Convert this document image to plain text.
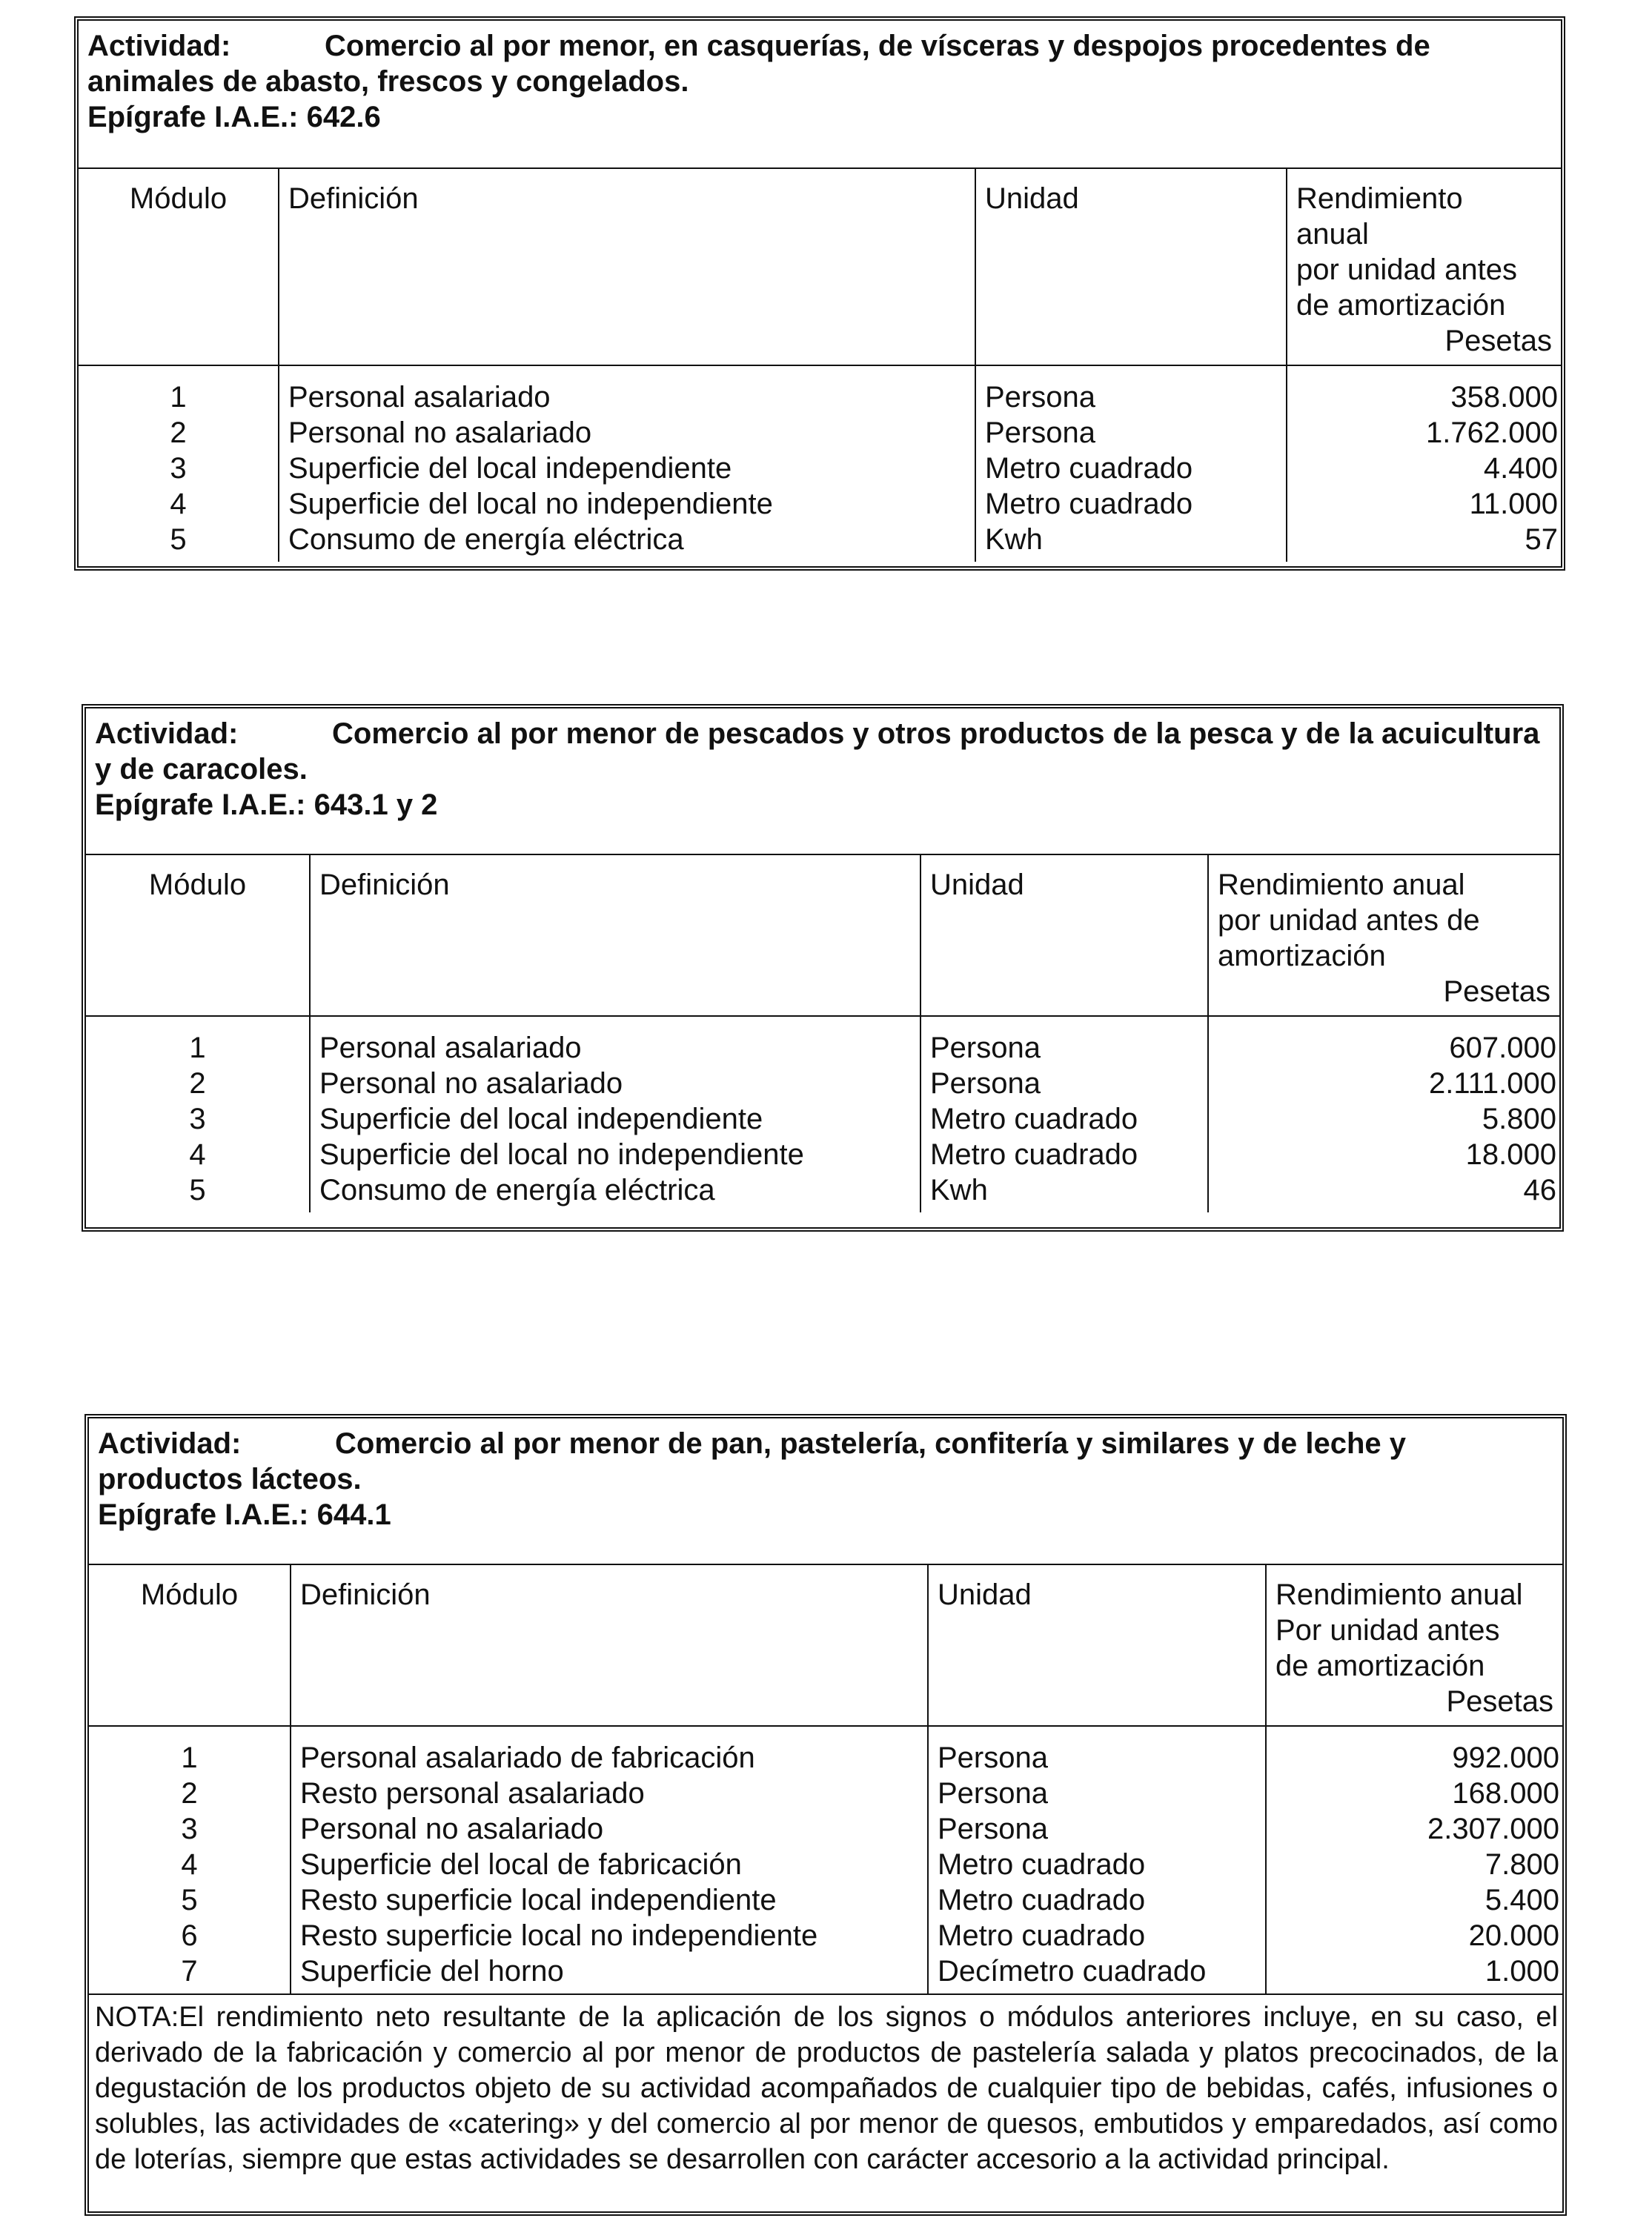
Actividad:	Comercio al por menor, en casquerías, de vísceras y despojos procedentes de animales de abasto, frescos y congelados.
Epígrafe I.A.E.: 642.6
Módulo	Definición	Unidad	Rendimiento
anual
por unidad antes
de amortización
Pesetas

1	Personal asalariado	Persona	358.000
2	Personal no asalariado	Persona	1.762.000
3	Superficie del local independiente	Metro cuadrado	4.400
4	Superficie del local no independiente	Metro cuadrado	11.000
5	Consumo de energía eléctrica	Kwh	57
Actividad:	Comercio al por menor de pescados y otros productos de la pesca y de la acuicultura y de caracoles.
Epígrafe I.A.E.: 643.1 y 2
Módulo	Definición	Unidad	Rendimiento anual
por unidad antes de
amortización
Pesetas

1	Personal asalariado	Persona	607.000
2	Personal no asalariado	Persona	2.111.000
3	Superficie del local independiente	Metro cuadrado	5.800
4	Superficie del local no independiente	Metro cuadrado	18.000
5	Consumo de energía eléctrica	Kwh	46
Actividad:	Comercio al por menor de pan, pastelería, confitería y similares y de leche y productos lácteos.
Epígrafe I.A.E.: 644.1
Módulo	Definición	Unidad	Rendimiento anual
Por unidad antes
de amortización
Pesetas

1	Personal asalariado de fabricación	Persona	992.000
2	Resto personal asalariado	Persona	168.000
3	Personal no asalariado	Persona	2.307.000
4	Superficie del local de fabricación	Metro cuadrado	7.800
5	Resto superficie local independiente	Metro cuadrado	5.400
6	Resto superficie local no independiente	Metro cuadrado	20.000
7	Superficie del horno	Decímetro cuadrado	1.000
NOTA:El rendimiento neto resultante de la aplicación de los signos o módulos anteriores incluye, en su caso, el derivado de la fabricación y comercio al por menor de productos de pastelería salada y platos precocinados, de la degustación de los productos objeto de su actividad acompañados de cualquier tipo de bebidas, cafés, infusiones o solubles, las actividades de «catering» y del comercio al por menor de quesos, embutidos y emparedados, así como de loterías, siempre que estas actividades se desarrollen con carácter accesorio a la actividad principal.
